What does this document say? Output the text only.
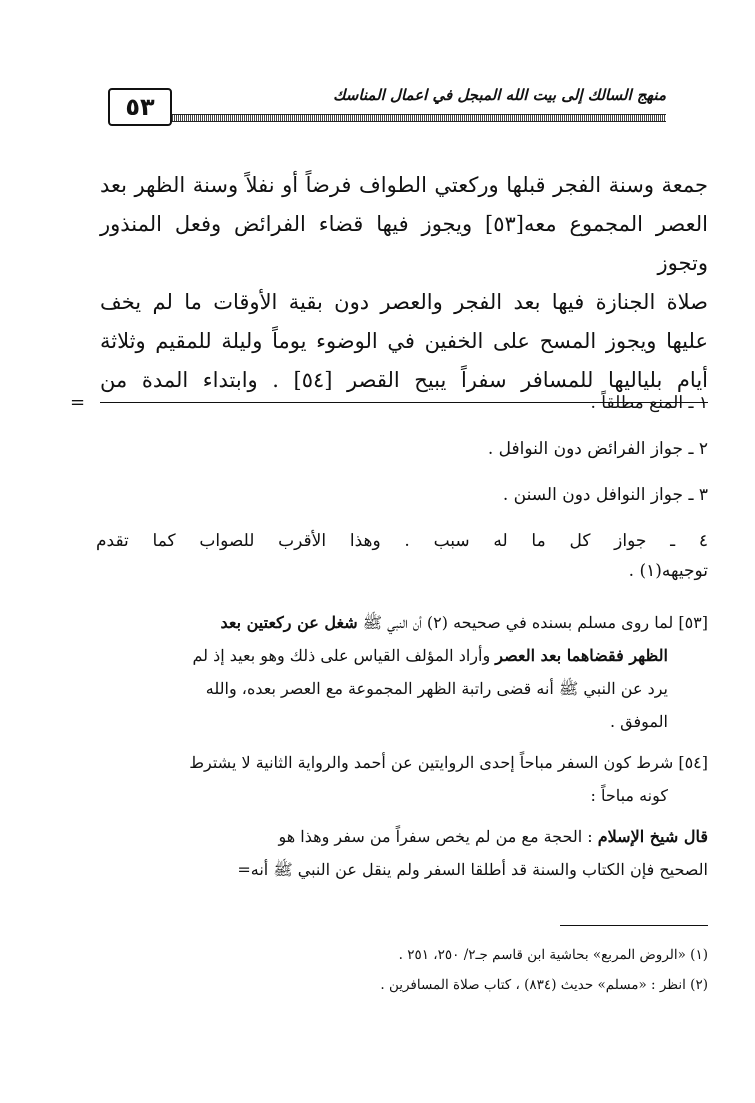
٥٣	منهج السالك إلى بيت الله المبجل في اعمال المناسك
جمعة وسنة الفجر قبلها وركعتي الطواف فرضاً أو نفلاً وسنة الظهر بعد
العصر المجموع معه[٥٣] ويجوز فيها قضاء الفرائض وفعل المنذور وتجوز
صلاة الجنازة فيها بعد الفجر والعصر دون بقية الأوقات ما لم يخف
عليها ويجوز المسح على الخفين في الوضوء يوماً وليلة للمقيم وثلاثة
أيام بلياليها للمسافر سفراً يبيح القصر [٥٤] . وابتداء المدة من
=	١ ـ المنع مطلقاً .
٢ ـ جواز الفرائض دون النوافل .
٣ ـ جواز النوافل دون السنن .
٤ ـ جواز كل ما له سبب . وهذا الأقرب للصواب كما تقدم
توجيهه(١) .
[٥٣] لما روى مسلم بسنده في صحيحه (٢) أن النبي ﷺ شغل عن ركعتين بعد
الظهر فقضاهما بعد العصر وأراد المؤلف القياس على ذلك وهو بعيد إذ لم
يرد عن النبي ﷺ أنه قضى راتبة الظهر المجموعة مع العصر بعده، والله
الموفق .
[٥٤] شرط كون السفر مباحاً إحدى الروايتين عن أحمد والرواية الثانية لا يشترط
كونه مباحاً :
قال شيخ الإسلام : الحجة مع من لم يخص سفراً من سفر وهذا هو
الصحيح فإن الكتاب والسنة قد أطلقا السفر ولم ينقل عن النبي ﷺ أنه=
(١) «الروض المربع» بحاشية ابن قاسم جـ٢/ ٢٥٠، ٢٥١ .
(٢) انظر : «مسلم» حديث (٨٣٤) ، كتاب صلاة المسافرين .
